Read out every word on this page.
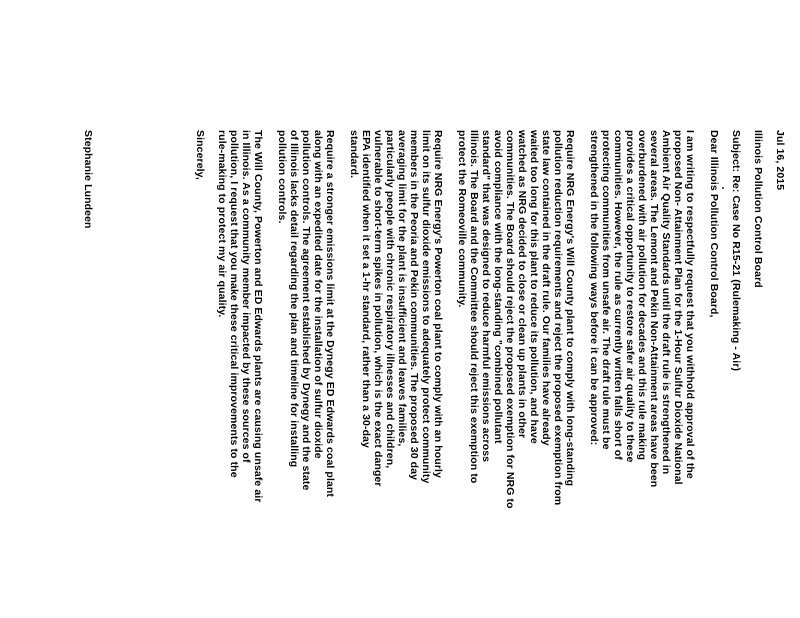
Jul 16, 2015
Illinois Pollution Control Board
Subject: Re: Case No R15-21 (Rulemaking - Air)
Dear Illinois Pollution Control Board,
I am writing to respectfully request that you withhold approval of the
proposed Non- Attainment Plan for the 1-Hour Sulfur Dioxide National
Ambient Air Quality Standards until the draft rule is strengthened in
several areas. The Lemont and Pekin Non-Attainment areas have been
overburdened with air pollution for decades and this rule making
provides a critical opportunity to restore safer air quality to these
communities. However, the rule as currently written falls short of
protecting communities from unsafe air. The draft rule must be
strengthened in the following ways before it can be approved:
Require NRG Energy's Will County plant to comply with long-standing
pollution reduction requirements and reject the proposed exemption from
state law contained in the draft rule. Our families have already
waited too long for this plant to reduce its pollution, and have
watched as NRG decided to close or clean up plants in other
communities. The Board should reject the proposed exemption for NRG to
avoid compliance with the long-standing "combined pollutant
standard" that was designed to reduce harmful emissions across
Illinois. The Board and the Committee should reject this exemption to
protect the Romeoville community.
Require NRG Energy's Powerton coal plant to comply with an hourly
limit on its sulfur dioxide emissions to adequately protect community
members in the Peoria and Pekin communities. The proposed 30 day
averaging limit for the plant is insufficient and leaves families,
particularly people with chronic respiratory illnesses and children,
vulnerable to short-term spikes in pollution, which is the exact danger
EPA identified when it set a 1-hr standard, rather than a 30-day
standard.
Require a stronger emissions limit at the Dynegy ED Edwards coal plant
along with an expedited date for the installation of sulfur dioxide
pollution controls. The agreement established by Dynegy and the state
of Illinois lacks detail regarding the plan and timeline for installing
pollution controls.
The Will County, Powerton and ED Edwards plants are causing unsafe air
in Illinois. As a community member impacted by these sources of
pollution, I request that you make these critical improvements to the
rule-making to protect my air quality.
Sincerely,
Stephanie Lundeen
